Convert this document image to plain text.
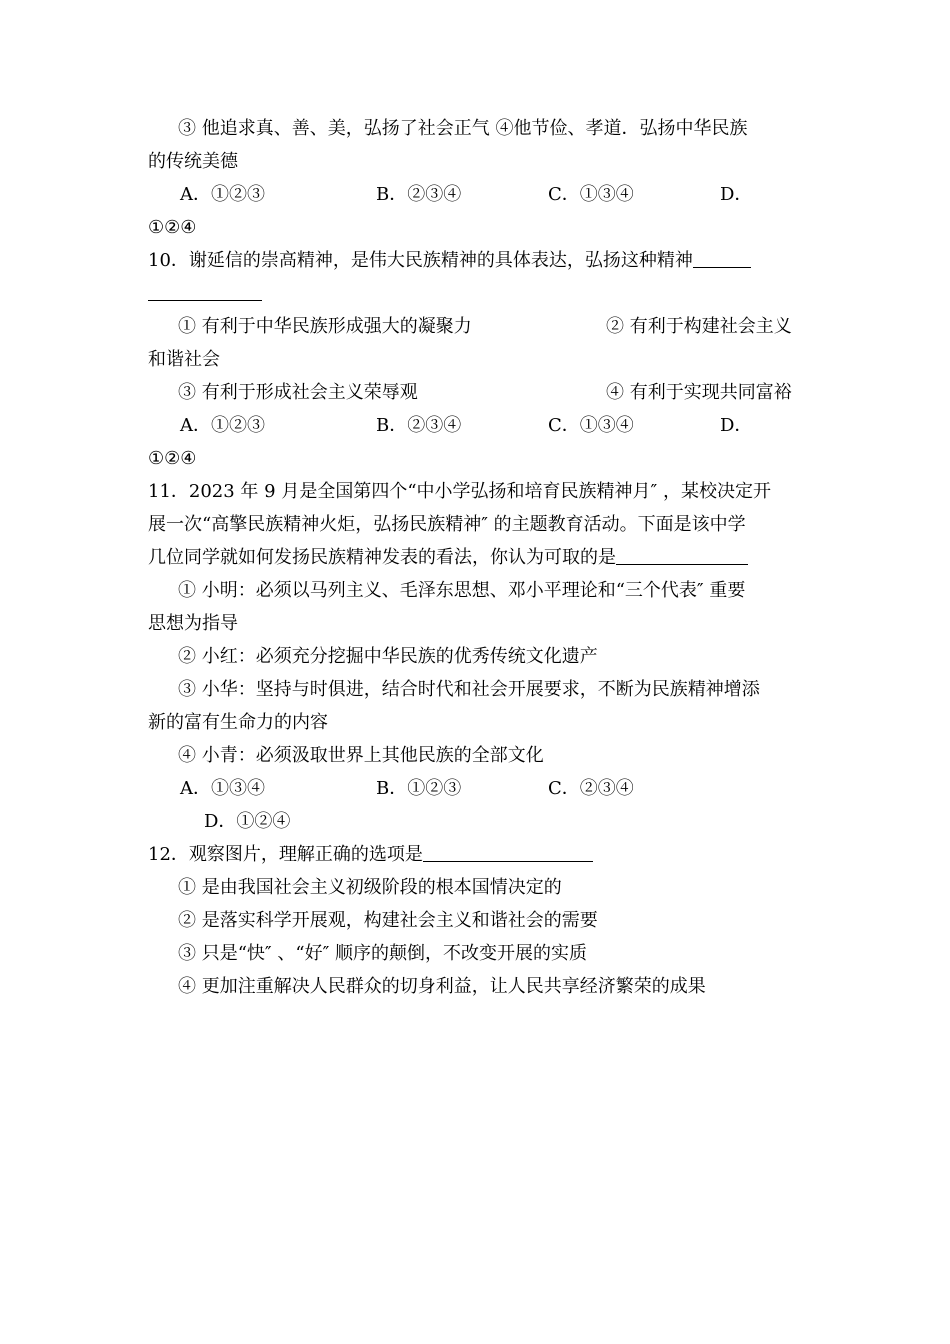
③ 他追求真、善、美，弘扬了社会正气 ④他节俭、孝道．弘扬中华民族
的传统美德
A．①②③	B．②③④	C．①③④	D．
①②④
10．谢延信的崇高精神，是伟大民族精神的具体表达，弘扬这种精神
① 有利于中华民族形成强大的凝聚力	② 有利于构建社会主义
和谐社会
③ 有利于形成社会主义荣辱观	④ 有利于实现共同富裕
A．①②③	B．②③④	C．①③④	D．
①②④
11．2023 年 9 月是全国第四个“中小学弘扬和培育民族精神月″ ，某校决定开
展一次“高擎民族精神火炬，弘扬民族精神″ 的主题教育活动。下面是该中学
几位同学就如何发扬民族精神发表的看法，你认为可取的是
① 小明：必须以马列主义、毛泽东思想、邓小平理论和“三个代表″ 重要
思想为指导
② 小红：必须充分挖掘中华民族的优秀传统文化遗产
③ 小华：坚持与时俱进，结合时代和社会开展要求，不断为民族精神增添
新的富有生命力的内容
④ 小青：必须汲取世界上其他民族的全部文化
A．①③④	B．①②③	C．②③④
D．①②④
12．观察图片，理解正确的选项是
① 是由我国社会主义初级阶段的根本国情决定的
② 是落实科学开展观，构建社会主义和谐社会的需要
③ 只是“快″ 、“好″ 顺序的颠倒，不改变开展的实质
④ 更加注重解决人民群众的切身利益，让人民共享经济繁荣的成果
